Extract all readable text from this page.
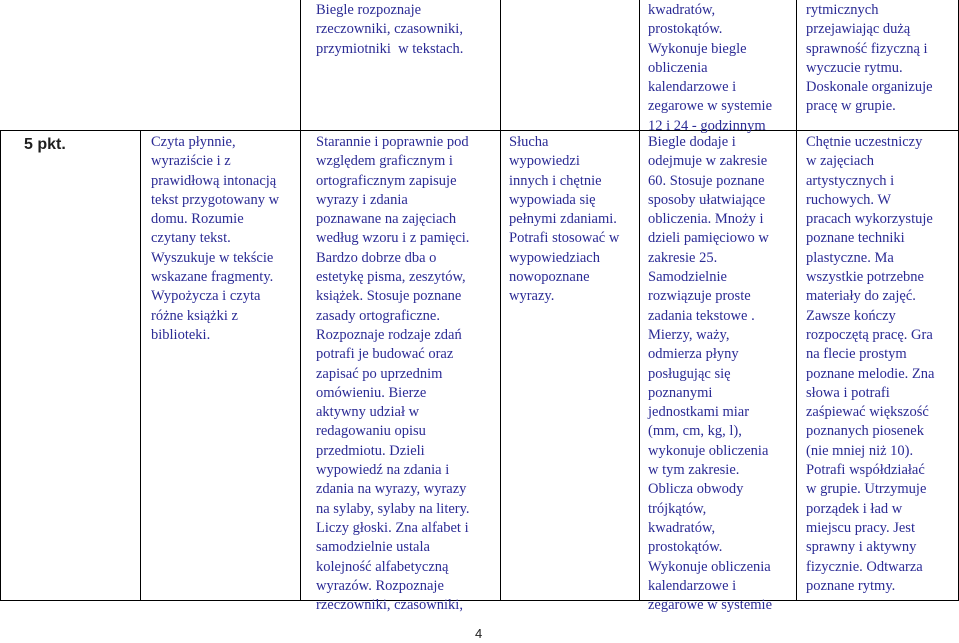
5 pkt.
Biegle rozpoznaje
rzeczowniki, czasowniki,
przymiotniki  w tekstach.
kwadratów,
prostokątów.
Wykonuje biegle
obliczenia
kalendarzowe i
zegarowe w systemie
12 i 24 - godzinnym
rytmicznych
przejawiając dużą
sprawność fizyczną i
wyczucie rytmu.
Doskonale organizuje
pracę w grupie.
Czyta płynnie,
wyraziście i z
prawidłową intonacją
tekst przygotowany w
domu. Rozumie
czytany tekst.
Wyszukuje w tekście
wskazane fragmenty.
Wypożycza i czyta
różne książki z
biblioteki.
Starannie i poprawnie pod
względem graficznym i
ortograficznym zapisuje
wyrazy i zdania
poznawane na zajęciach
według wzoru i z pamięci.
Bardzo dobrze dba o
estetykę pisma, zeszytów,
książek. Stosuje poznane
zasady ortograficzne.
Rozpoznaje rodzaje zdań
potrafi je budować oraz
zapisać po uprzednim
omówieniu. Bierze
aktywny udział w
redagowaniu opisu
przedmiotu. Dzieli
wypowiedź na zdania i
zdania na wyrazy, wyrazy
na sylaby, sylaby na litery.
Liczy głoski. Zna alfabet i
samodzielnie ustala
kolejność alfabetyczną
wyrazów. Rozpoznaje
rzeczowniki, czasowniki,
Słucha
wypowiedzi
innych i chętnie
wypowiada się
pełnymi zdaniami.
Potrafi stosować w
wypowiedziach
nowopoznane
wyrazy.
Biegle dodaje i
odejmuje w zakresie
60. Stosuje poznane
sposoby ułatwiające
obliczenia. Mnoży i
dzieli pamięciowo w
zakresie 25.
Samodzielnie
rozwiązuje proste
zadania tekstowe .
Mierzy, waży,
odmierza płyny
posługując się
poznanymi
jednostkami miar
(mm, cm, kg, l),
wykonuje obliczenia
w tym zakresie.
Oblicza obwody
trójkątów,
kwadratów,
prostokątów.
Wykonuje obliczenia
kalendarzowe i
zegarowe w systemie
Chętnie uczestniczy
w zajęciach
artystycznych i
ruchowych. W
pracach wykorzystuje
poznane techniki
plastyczne. Ma
wszystkie potrzebne
materiały do zajęć.
Zawsze kończy
rozpoczętą pracę. Gra
na flecie prostym
poznane melodie. Zna
słowa i potrafi
zaśpiewać większość
poznanych piosenek
(nie mniej niż 10).
Potrafi współdziałać
w grupie. Utrzymuje
porządek i ład w
miejscu pracy. Jest
sprawny i aktywny
fizycznie. Odtwarza
poznane rytmy.
4
